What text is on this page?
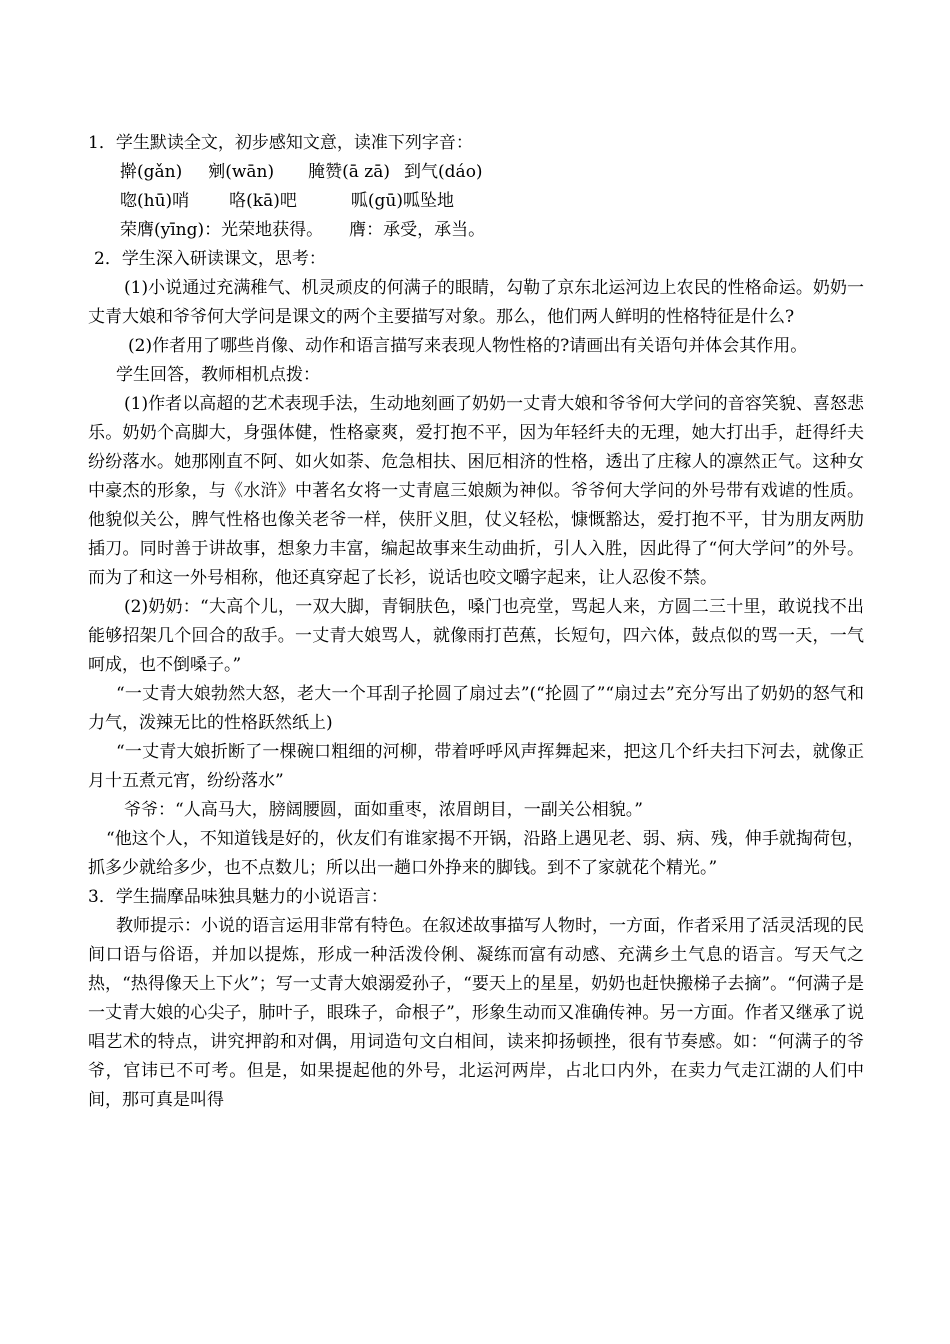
1．学生默读全文，初步感知文意，读准下列字音：
擀(gǎn) 剜(wān) 腌赞(ā zā) 到气(dáo)
唿(hū)哨 咯(kā)吧	呱(gū)呱坠地
荣膺(yīng)：光荣地获得。 膺：承受，承当。
2．学生深入研读课文，思考：
(1)小说通过充满稚气、机灵顽皮的何满子的眼睛，勾勒了京东北运河边上农民的性格命运。奶奶一丈青大娘和爷爷何大学问是课文的两个主要描写对象。那么，他们两人鲜明的性格特征是什么?
(2)作者用了哪些肖像、动作和语言描写来表现人物性格的?请画出有关语句并体会其作用。
学生回答，教师相机点拨：
(1)作者以高超的艺术表现手法，生动地刻画了奶奶一丈青大娘和爷爷何大学问的音容笑貌、喜怒悲乐。奶奶个高脚大，身强体健，性格豪爽，爱打抱不平，因为年轻纤夫的无理，她大打出手，赶得纤夫纷纷落水。她那刚直不阿、如火如荼、危急相扶、困厄相济的性格，透出了庄稼人的凛然正气。这种女中豪杰的形象，与《水浒》中著名女将一丈青扈三娘颇为神似。爷爷何大学问的外号带有戏谑的性质。他貌似关公，脾气性格也像关老爷一样，侠肝义胆，仗义轻松，慷慨豁达，爱打抱不平，甘为朋友两肋插刀。同时善于讲故事，想象力丰富，编起故事来生动曲折，引人入胜，因此得了“何大学问”的外号。而为了和这一外号相称，他还真穿起了长衫，说话也咬文嚼字起来，让人忍俊不禁。
(2)奶奶：“大高个儿，一双大脚，青铜肤色，嗓门也亮堂，骂起人来，方圆二三十里，敢说找不出能够招架几个回合的敌手。一丈青大娘骂人，就像雨打芭蕉，长短句，四六体，鼓点似的骂一天，一气呵成，也不倒嗓子。”
“一丈青大娘勃然大怒，老大一个耳刮子抡圆了扇过去”(“抡圆了”“扇过去”充分写出了奶奶的怒气和力气，泼辣无比的性格跃然纸上)
“一丈青大娘折断了一棵碗口粗细的河柳，带着呼呼风声挥舞起来，把这几个纤夫扫下河去，就像正月十五煮元宵，纷纷落水”
爷爷：“人高马大，膀阔腰圆，面如重枣，浓眉朗目，一副关公相貌。”
“他这个人，不知道钱是好的，伙友们有谁家揭不开锅，沿路上遇见老、弱、病、残，伸手就掏荷包，抓多少就给多少，也不点数儿；所以出一趟口外挣来的脚钱。到不了家就花个精光。”
3．学生揣摩品味独具魅力的小说语言：
教师提示：小说的语言运用非常有特色。在叙述故事描写人物时，一方面，作者采用了活灵活现的民间口语与俗语，并加以提炼，形成一种活泼伶俐、凝练而富有动感、充满乡土气息的语言。写天气之热，“热得像天上下火”；写一丈青大娘溺爱孙子，“要天上的星星，奶奶也赶快搬梯子去摘”。“何满子是一丈青大娘的心尖子，肺叶子，眼珠子，命根子”，形象生动而又准确传神。另一方面。作者又继承了说唱艺术的特点，讲究押韵和对偶，用词造句文白相间，读来抑扬顿挫，很有节奏感。如：“何满子的爷爷，官讳已不可考。但是，如果提起他的外号，北运河两岸，占北口内外，在卖力气走江湖的人们中间，那可真是叫得
